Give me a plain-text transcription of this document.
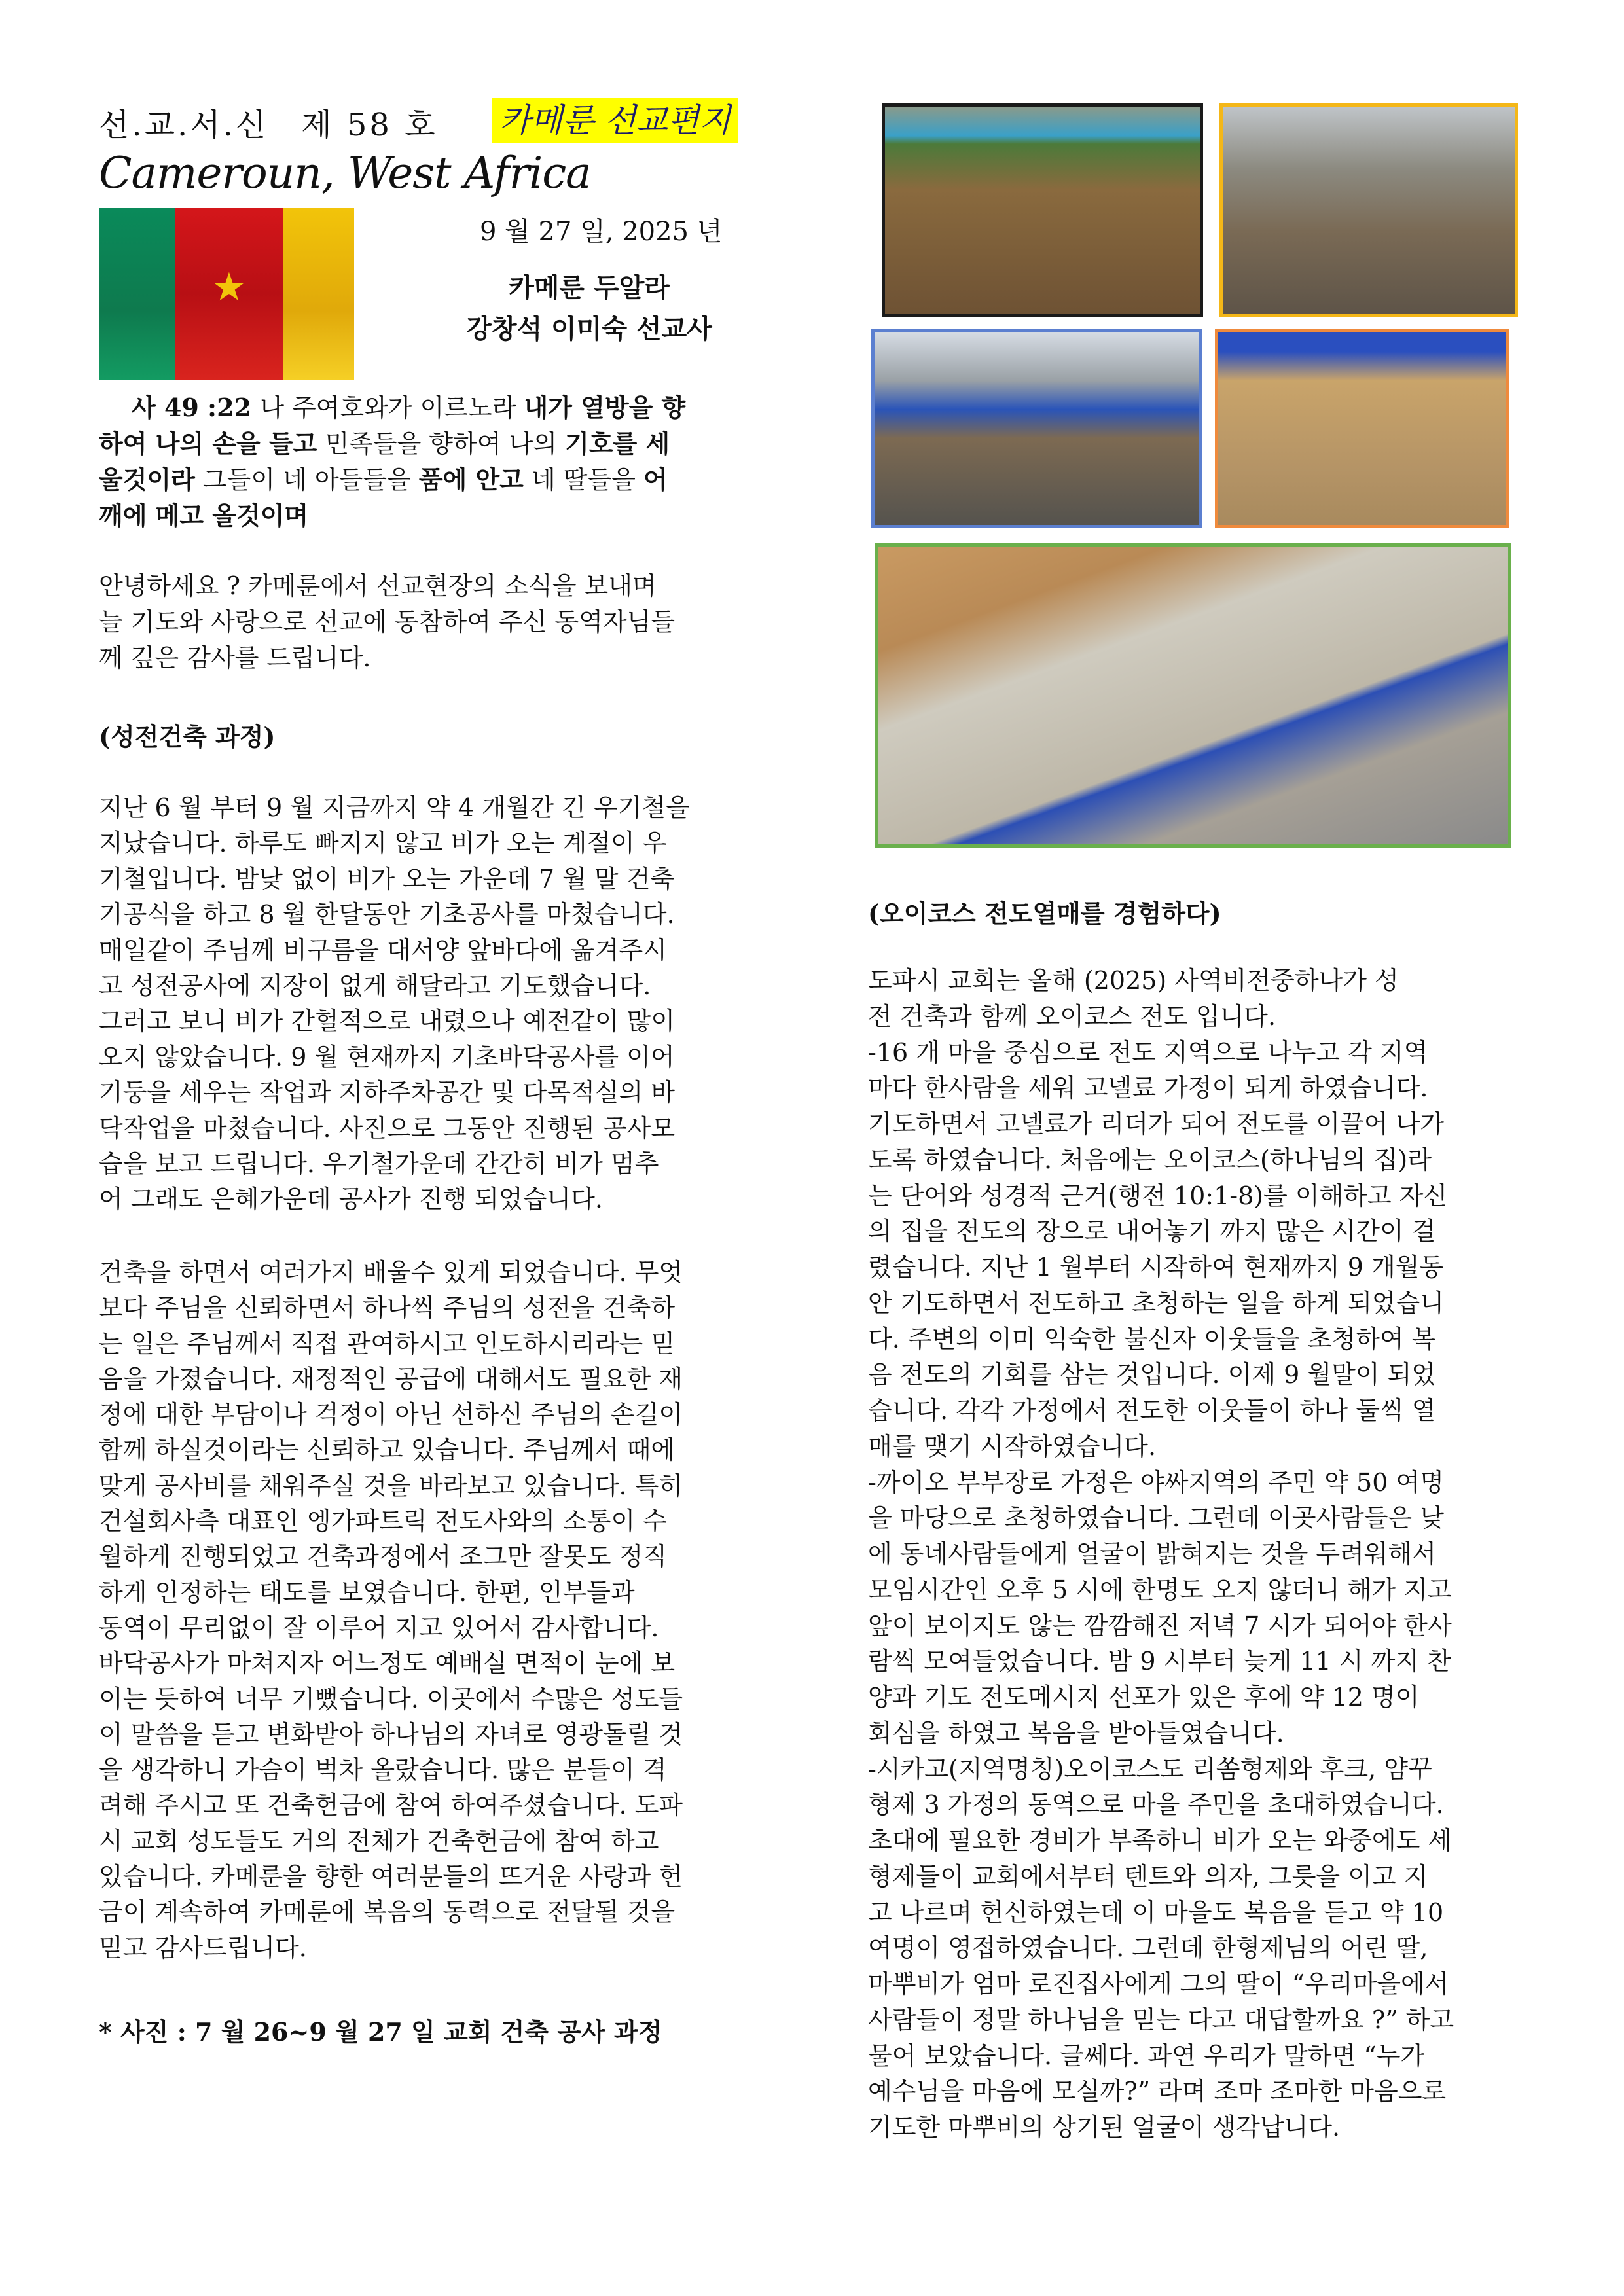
선.교.서.신 제 58 호 카메룬 선교편지
Cameroun, West Africa
★
9 월 27 일, 2025 년
카메룬 두알라
강창석 이미숙 선교사
사 49 :22 나 주여호와가 이르노라 내가 열방을 향
하여 나의 손을 들고 민족들을 향하여 나의 기호를 세
울것이라 그들이 네 아들들을 품에 안고 네 딸들을 어
깨에 메고 올것이며
안녕하세요 ? 카메룬에서 선교현장의 소식을 보내며
늘 기도와 사랑으로 선교에 동참하여 주신 동역자님들
께 깊은 감사를 드립니다.
(성전건축 과정)
지난 6 월 부터 9 월 지금까지 약 4 개월간 긴 우기철을
지났습니다. 하루도 빠지지 않고 비가 오는 계절이 우
기철입니다. 밤낮 없이 비가 오는 가운데 7 월 말 건축
기공식을 하고 8 월 한달동안 기초공사를 마쳤습니다.
매일같이 주님께 비구름을 대서양 앞바다에 옮겨주시
고 성전공사에 지장이 없게 해달라고 기도했습니다.
그러고 보니 비가 간헐적으로 내렸으나 예전같이 많이
오지 않았습니다. 9 월 현재까지 기초바닥공사를 이어
기둥을 세우는 작업과 지하주차공간 및 다목적실의 바
닥작업을 마쳤습니다. 사진으로 그동안 진행된 공사모
습을 보고 드립니다. 우기철가운데 간간히 비가 멈추
어 그래도 은혜가운데 공사가 진행 되었습니다.
건축을 하면서 여러가지 배울수 있게 되었습니다. 무엇
보다 주님을 신뢰하면서 하나씩 주님의 성전을 건축하
는 일은 주님께서 직접 관여하시고 인도하시리라는 믿
음을 가졌습니다. 재정적인 공급에 대해서도 필요한 재
정에 대한 부담이나 걱정이 아닌 선하신 주님의 손길이
함께 하실것이라는 신뢰하고 있습니다. 주님께서 때에
맞게 공사비를 채워주실 것을 바라보고 있습니다. 특히
건설회사측 대표인 엥가파트릭 전도사와의 소통이 수
월하게 진행되었고 건축과정에서 조그만 잘못도 정직
하게 인정하는 태도를 보였습니다. 한편, 인부들과
동역이 무리없이 잘 이루어 지고 있어서 감사합니다.
바닥공사가 마쳐지자 어느정도 예배실 면적이 눈에 보
이는 듯하여 너무 기뻤습니다. 이곳에서 수많은 성도들
이 말씀을 듣고 변화받아 하나님의 자녀로 영광돌릴 것
을 생각하니 가슴이 벅차 올랐습니다. 많은 분들이 격
려해 주시고 또 건축헌금에 참여 하여주셨습니다. 도파
시 교회 성도들도 거의 전체가 건축헌금에 참여 하고
있습니다. 카메룬을 향한 여러분들의 뜨거운 사랑과 헌
금이 계속하여 카메룬에 복음의 동력으로 전달될 것을
믿고 감사드립니다.
* 사진 : 7 월 26~9 월 27 일 교회 건축 공사 과정
(오이코스 전도열매를 경험하다)
도파시 교회는 올해 (2025) 사역비전중하나가 성
전 건축과 함께 오이코스 전도 입니다.
-16 개 마을 중심으로 전도 지역으로 나누고 각 지역
마다 한사람을 세워 고넬료 가정이 되게 하였습니다.
기도하면서 고넬료가 리더가 되어 전도를 이끌어 나가
도록 하였습니다. 처음에는 오이코스(하나님의 집)라
는 단어와 성경적 근거(행전 10:1-8)를 이해하고 자신
의 집을 전도의 장으로 내어놓기 까지 많은 시간이 걸
렸습니다. 지난 1 월부터 시작하여 현재까지 9 개월동
안 기도하면서 전도하고 초청하는 일을 하게 되었습니
다. 주변의 이미 익숙한 불신자 이웃들을 초청하여 복
음 전도의 기회를 삼는 것입니다. 이제 9 월말이 되었
습니다. 각각 가정에서 전도한 이웃들이 하나 둘씩 열
매를 맺기 시작하였습니다.
-까이오 부부장로 가정은 야싸지역의 주민 약 50 여명
을 마당으로 초청하였습니다. 그런데 이곳사람들은 낮
에 동네사람들에게 얼굴이 밝혀지는 것을 두려워해서
모임시간인 오후 5 시에 한명도 오지 않더니 해가 지고
앞이 보이지도 않는 깜깜해진 저녁 7 시가 되어야 한사
람씩 모여들었습니다. 밤 9 시부터 늦게 11 시 까지 찬
양과 기도 전도메시지 선포가 있은 후에 약 12 명이
회심을 하였고 복음을 받아들였습니다.
-시카고(지역명칭)오이코스도 리쏨형제와 후크, 얌꾸
형제 3 가정의 동역으로 마을 주민을 초대하였습니다.
초대에 필요한 경비가 부족하니 비가 오는 와중에도 세
형제들이 교회에서부터 텐트와 의자, 그릇을 이고 지
고 나르며 헌신하였는데 이 마을도 복음을 듣고 약 10
여명이 영접하였습니다. 그런데 한형제님의 어린 딸,
마뿌비가 엄마 로진집사에게 그의 딸이 “우리마을에서
사람들이 정말 하나님을 믿는 다고 대답할까요 ?” 하고
물어 보았습니다. 글쎄다. 과연 우리가 말하면 “누가
예수님을 마음에 모실까?” 라며 조마 조마한 마음으로
기도한 마뿌비의 상기된 얼굴이 생각납니다.
